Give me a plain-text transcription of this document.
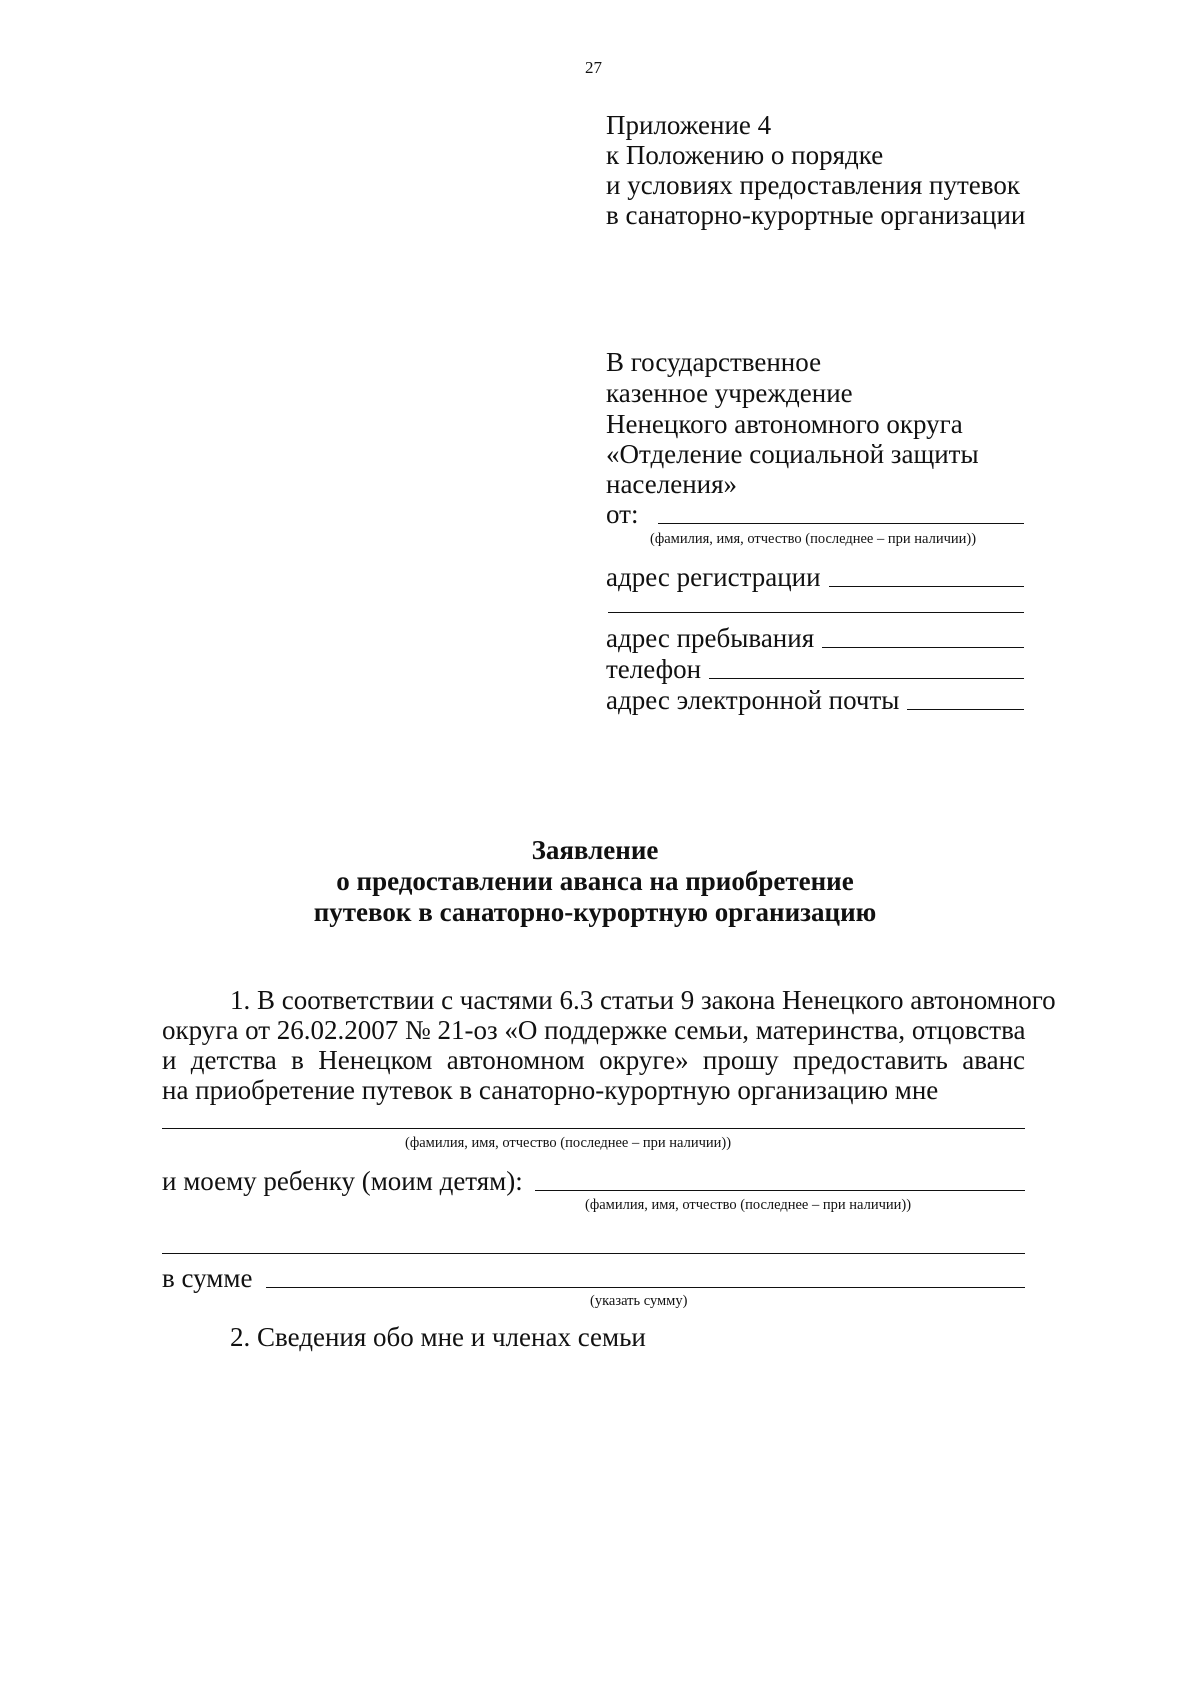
27
Приложение 4
к Положению о порядке
и условиях предоставления путевок
в санаторно-курортные организации
В государственное
казенное учреждение
Ненецкого автономного округа
«Отделение социальной защиты
населения»
от:
(фамилия, имя, отчество (последнее – при наличии))
адрес регистрации
адрес пребывания
телефон
адрес электронной почты
Заявление
о предоставлении аванса на приобретение
путевок в санаторно-курортную организацию
1. В соответствии с частями 6.3 статьи 9 закона Ненецкого автономного
округа от 26.02.2007 № 21-оз «О поддержке семьи, материнства, отцовства
и детства в Ненецком автономном округе» прошу предоставить аванс
на приобретение путевок в санаторно-курортную организацию мне
(фамилия, имя, отчество (последнее – при наличии))
и моему ребенку (моим детям):
(фамилия, имя, отчество (последнее – при наличии))
в сумме
(указать сумму)
2. Сведения обо мне и членах семьи
